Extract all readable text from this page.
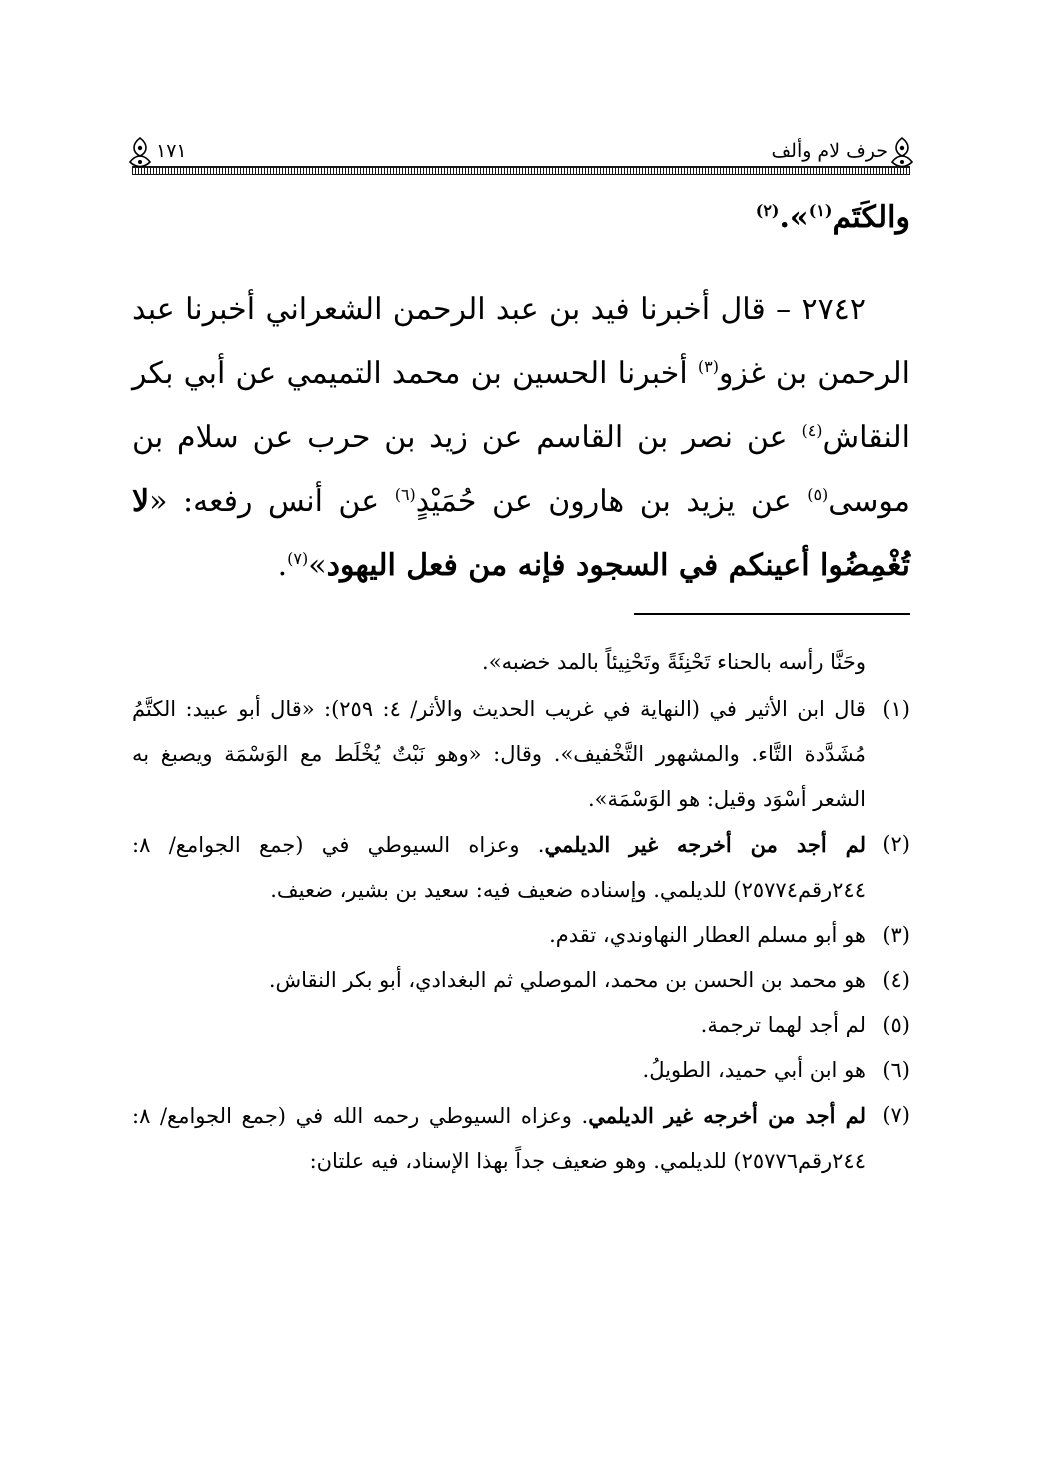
حرف لام وألف
١٧١

والكَتَم$^{(١)}$».$^{(٢)}$

٢٧٤٢ – قال أخبرنا فيد بن عبد الرحمن الشعراني أخبرنا عبد الرحمن بن غزو$^{(٣)}$ أخبرنا الحسين بن محمد التميمي عن أبي بكر النقاش$^{(٤)}$ عن نصر بن القاسم عن زيد بن حرب عن سلام بن موسى$^{(٥)}$ عن يزيد بن هارون عن حُمَيْدٍ$^{(٦)}$ عن أنس رفعه: «لا تُغْمِضُوا أعينكم في السجود فإنه من فعل اليهود»$^{(٧)}$.

وحَنَّا رأسه بالحناء تَحْنِئَةً وتَحْنِيئاً بالمد خضبه».

(١)
قال ابن الأثير في (النهاية في غريب الحديث والأثر/ ٤: ٢٥٩): «قال أبو عبيد: الكتَّمُ مُشَدَّدة التَّاء. والمشهور التَّخْفيف». وقال: «وهو نَبْتٌ يُخْلَط مع الوَسْمَة ويصبغ به الشعر أسْوَد وقيل: هو الوَسْمَة».
(٢)
لم أجد من أخرجه غير الديلمي. وعزاه السيوطي في (جمع الجوامع/ ٨: ٢٤٤رقم٢٥٧٧٤) للديلمي. وإسناده ضعيف فيه: سعيد بن بشير، ضعيف.
(٣)
هو أبو مسلم العطار النهاوندي، تقدم.
(٤)
هو محمد بن الحسن بن محمد، الموصلي ثم البغدادي، أبو بكر النقاش.
(٥)
لم أجد لهما ترجمة.
(٦)
هو ابن أبي حميد، الطويلُ.
(٧)
لم أجد من أخرجه غير الديلمي. وعزاه السيوطي رحمه الله في (جمع الجوامع/ ٨: ٢٤٤رقم٢٥٧٧٦) للديلمي. وهو ضعيف جداً بهذا الإسناد، فيه علتان:
